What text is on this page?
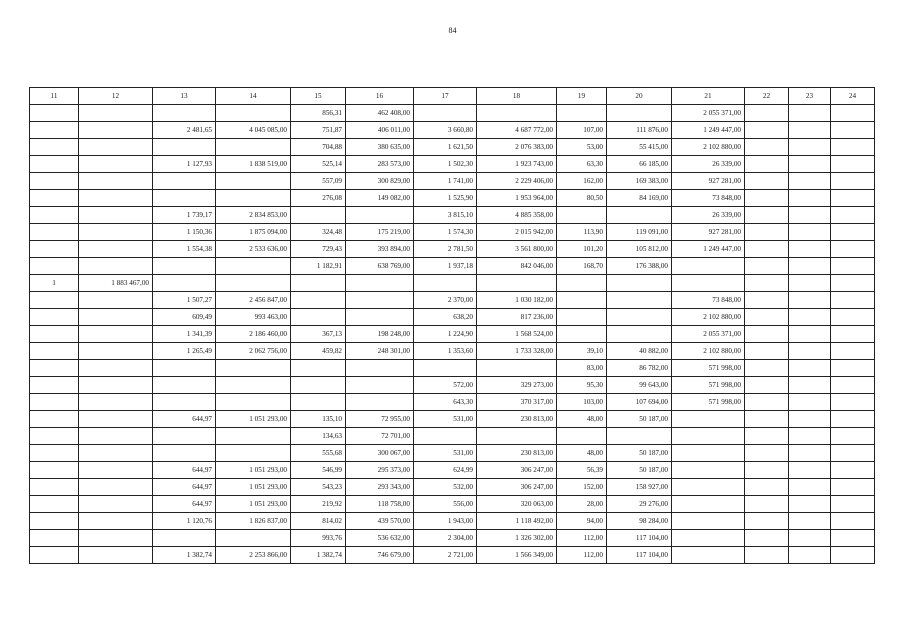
84
11	12	13	14	15	16	17	18	19	20	21	22	23	24
				856,31	462 408,00					2 055 371,00			
		2 481,65	4 045 085,00	751,87	406 011,00	3 660,80	4 687 772,00	107,00	111 876,00	1 249 447,00			
				704,88	380 635,00	1 621,50	2 076 383,00	53,00	55 415,00	2 102 880,00			
		1 127,93	1 838 519,00	525,14	283 573,00	1 502,30	1 923 743,00	63,30	66 185,00	26 339,00			
				557,09	300 829,00	1 741,00	2 229 406,00	162,00	169 383,00	927 281,00			
				276,08	149 082,00	1 525,90	1 953 964,00	80,50	84 169,00	73 848,00			
		1 739,17	2 834 853,00			3 815,10	4 885 358,00			26 339,00			
		1 150,36	1 875 094,00	324,48	175 219,00	1 574,30	2 015 942,00	113,90	119 091,00	927 281,00			
		1 554,38	2 533 636,00	729,43	393 894,00	2 781,50	3 561 800,00	101,20	105 812,00	1 249 447,00			
				1 182,91	638 769,00	1 937,18	842 046,00	168,70	176 388,00				
1	1 883 467,00												
		1 507,27	2 456 847,00			2 370,00	1 030 182,00			73 848,00			
		609,49	993 463,00			638,20	817 236,00			2 102 880,00			
		1 341,39	2 186 460,00	367,13	198 248,00	1 224,90	1 568 524,00			2 055 371,00			
		1 265,49	2 062 756,00	459,82	248 301,00	1 353,60	1 733 328,00	39,10	40 882,00	2 102 880,00			
								83,00	86 782,00	571 998,00			
						572,00	329 273,00	95,30	99 643,00	571 998,00			
						643,30	370 317,00	103,00	107 694,00	571 998,00			
		644,97	1 051 293,00	135,10	72 955,00	531,00	230 813,00	48,00	50 187,00				
				134,63	72 701,00								
				555,68	300 067,00	531,00	230 813,00	48,00	50 187,00				
		644,97	1 051 293,00	546,99	295 373,00	624,99	306 247,00	56,39	50 187,00				
		644,97	1 051 293,00	543,23	293 343,00	532,00	306 247,00	152,00	158 927,00				
		644,97	1 051 293,00	219,92	118 758,00	556,00	320 063,00	28,00	29 276,00				
		1 120,76	1 826 837,00	814,02	439 570,00	1 943,00	1 118 492,00	94,00	98 284,00				
				993,76	536 632,00	2 304,00	1 326 302,00	112,00	117 104,00				
		1 382,74	2 253 866,00	1 382,74	746 679,00	2 721,00	1 566 349,00	112,00	117 104,00				
